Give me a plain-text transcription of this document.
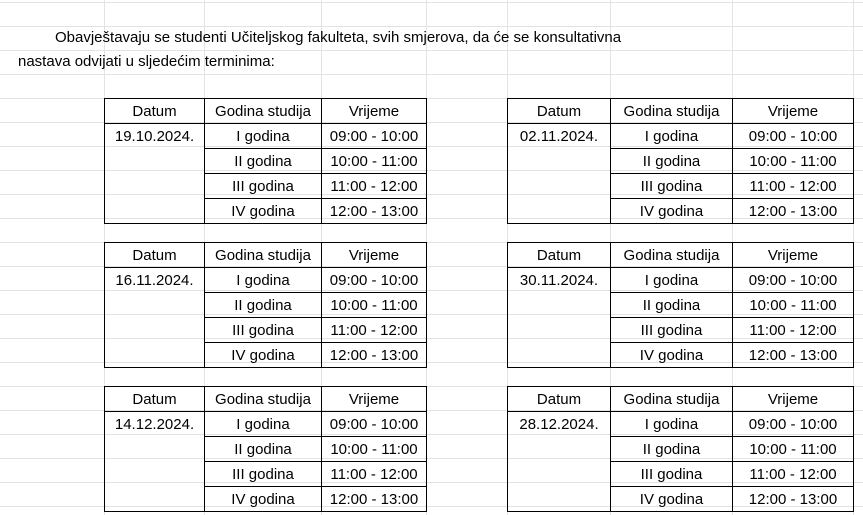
Obavještavaju se studenti Učiteljskog fakulteta, svih smjerova, da će se konsultativna
nastava odvijati u sljedećim terminima:
Datum	Godina studija	Vrijeme
19.10.2024.	I godina	09:00 - 10:00
	II godina	10:00 - 11:00
	III godina	11:00 - 12:00
	IV godina	12:00 - 13:00
Datum	Godina studija	Vrijeme
02.11.2024.	I godina	09:00 - 10:00
	II godina	10:00 - 11:00
	III godina	11:00 - 12:00
	IV godina	12:00 - 13:00
Datum	Godina studija	Vrijeme
16.11.2024.	I godina	09:00 - 10:00
	II godina	10:00 - 11:00
	III godina	11:00 - 12:00
	IV godina	12:00 - 13:00
Datum	Godina studija	Vrijeme
30.11.2024.	I godina	09:00 - 10:00
	II godina	10:00 - 11:00
	III godina	11:00 - 12:00
	IV godina	12:00 - 13:00
Datum	Godina studija	Vrijeme
14.12.2024.	I godina	09:00 - 10:00
	II godina	10:00 - 11:00
	III godina	11:00 - 12:00
	IV godina	12:00 - 13:00
Datum	Godina studija	Vrijeme
28.12.2024.	I godina	09:00 - 10:00
	II godina	10:00 - 11:00
	III godina	11:00 - 12:00
	IV godina	12:00 - 13:00
